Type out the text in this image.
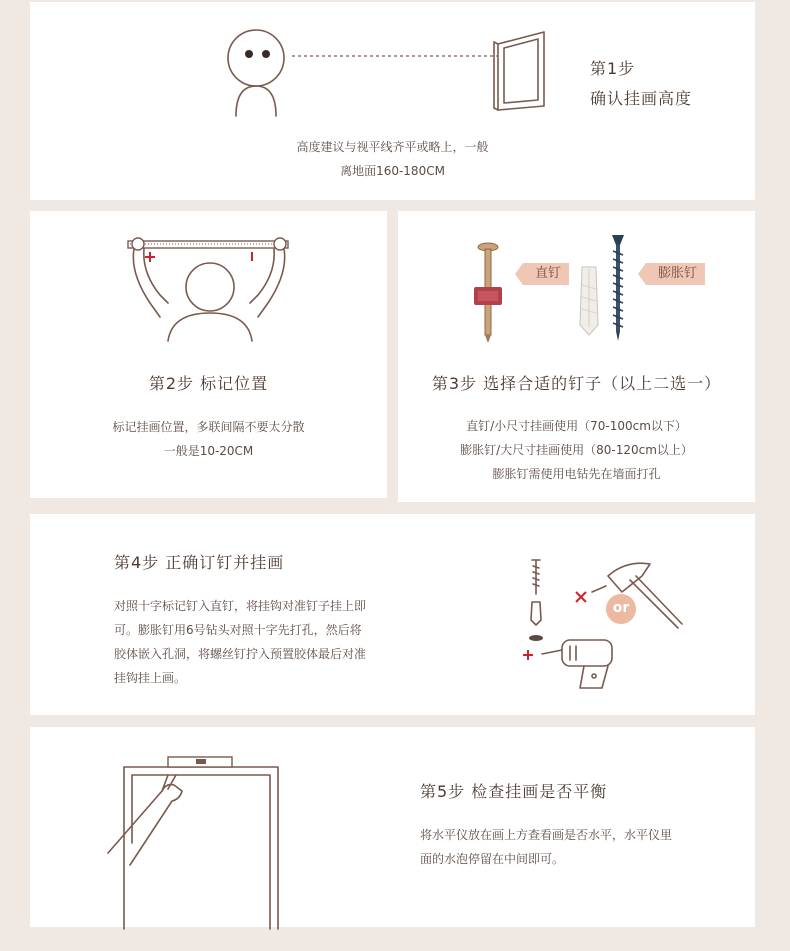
第1步
确认挂画高度
高度建议与视平线齐平或略上，一般
离地面160-180CM
第2步 标记位置
标记挂画位置，多联间隔不要太分散
一般是10-20CM
直钉	膨胀钉
第3步 选择合适的钉子（以上二选一）
直钉/小尺寸挂画使用（70-100cm以下）
膨胀钉/大尺寸挂画使用（80-120cm以上）
膨胀钉需使用电钻先在墙面打孔
第4步 正确订钉并挂画
对照十字标记钉入直钉，将挂钩对准钉子挂上即
可。膨胀钉用6号钻头对照十字先打孔，然后将
胶体嵌入孔洞，将螺丝钉拧入预置胶体最后对准
挂钩挂上画。
or
第5步 检查挂画是否平衡
将水平仪放在画上方查看画是否水平，水平仪里
面的水泡停留在中间即可。
